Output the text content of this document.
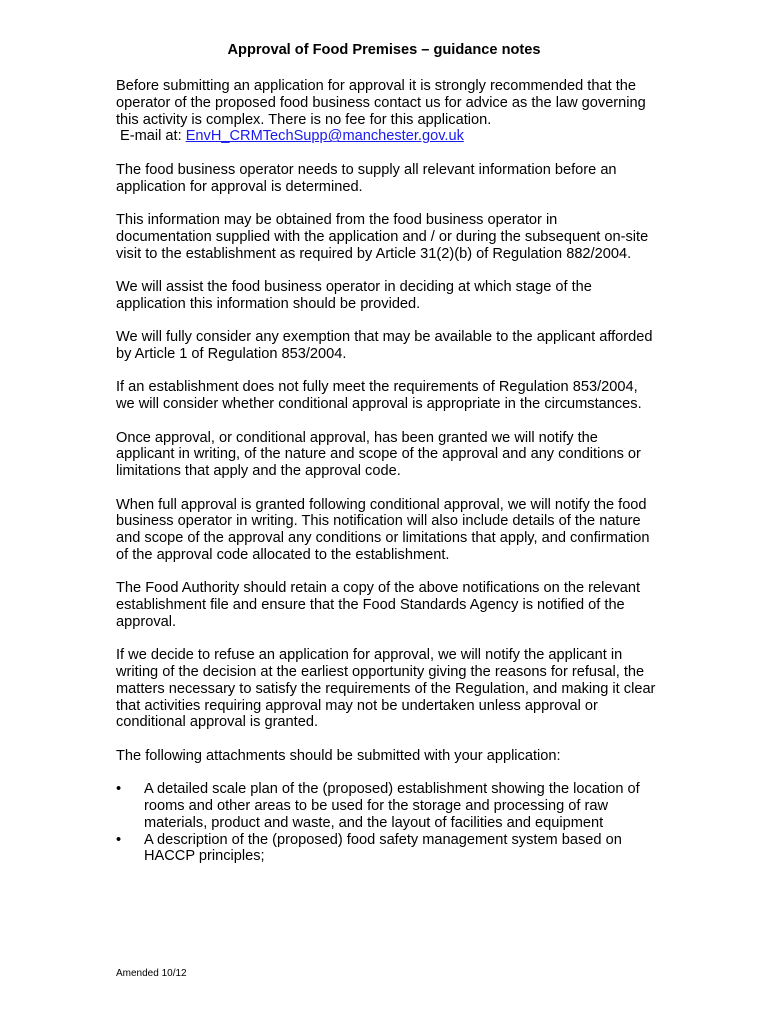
Approval of Food Premises – guidance notes

Before submitting an application for approval it is strongly recommended that the operator of the proposed food business contact us for advice as the law governing this activity is complex. There is no fee for this application.
E-mail at: EnvH_CRMTechSupp@manchester.gov.uk

The food business operator needs to supply all relevant information before an application for approval is determined.

This information may be obtained from the food business operator in documentation supplied with the application and / or during the subsequent on-site visit to the establishment as required by Article 31(2)(b) of Regulation 882/2004.

We will assist the food business operator in deciding at which stage of the application this information should be provided.

We will fully consider any exemption that may be available to the applicant afforded by Article 1 of Regulation 853/2004.

If an establishment does not fully meet the requirements of Regulation 853/2004, we will consider whether conditional approval is appropriate in the circumstances.

Once approval, or conditional approval, has been granted we will notify the applicant in writing, of the nature and scope of the approval and any conditions or limitations that apply and the approval code.

When full approval is granted following conditional approval, we will notify the food business operator in writing. This notification will also include details of the nature and scope of the approval any conditions or limitations that apply, and confirmation of the approval code allocated to the establishment.

The Food Authority should retain a copy of the above notifications on the relevant establishment file and ensure that the Food Standards Agency is notified of the approval.

If we decide to refuse an application for approval, we will notify the applicant in writing of the decision at the earliest opportunity giving the reasons for refusal, the matters necessary to satisfy the requirements of the Regulation, and making it clear that activities requiring approval may not be undertaken unless approval or conditional approval is granted.

The following attachments should be submitted with your application:

• A detailed scale plan of the (proposed) establishment showing the location of rooms and other areas to be used for the storage and processing of raw materials, product and waste, and the layout of facilities and equipment
• A description of the (proposed) food safety management system based on HACCP principles;
Amended 10/12
